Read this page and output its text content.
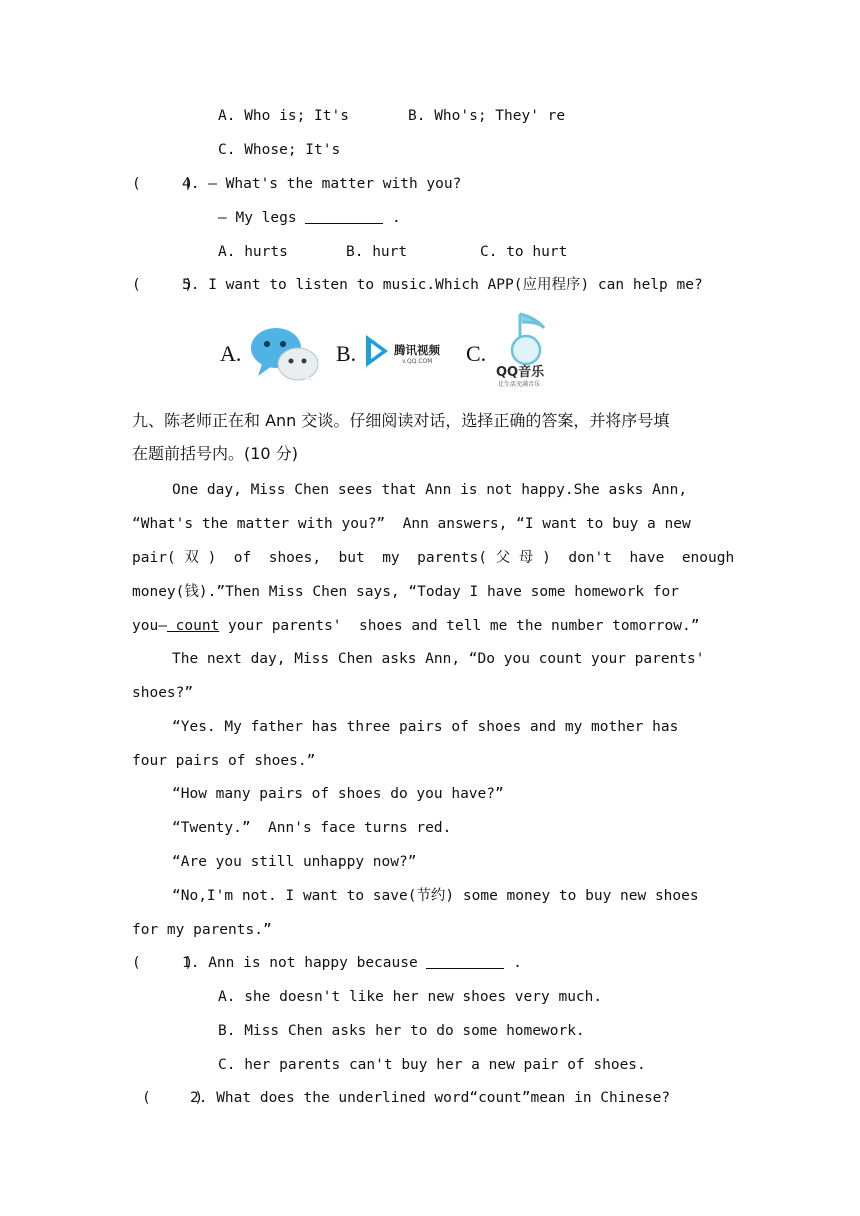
A. Who is; It's	B. Who's; They' re
C. Whose; It's
(     )
4. — What's the matter with you?
— My legs	.
A. hurts	B. hurt	C. to hurt
(     )
5. I want to listen to music.Which APP(应用程序) can help me?
A.	B.	腾讯视频
v.QQ.COM C.
QQ音乐
让生活充满音乐
九、陈老师正在和 Ann 交谈。仔细阅读对话，选择正确的答案，并将序号填
在题前括号内。(10 分)
One day, Miss Chen sees that Ann is not happy.She asks Ann,
“What's the matter with you?”  Ann answers, “I want to buy a new
pair( 双 )  of  shoes,  but  my  parents( 父 母 )  don't  have  enough
money(钱).”Then Miss Chen says, “Today I have some homework for
you— count your parents'  shoes and tell me the number tomorrow.”
The next day, Miss Chen asks Ann, “Do you count your parents'
shoes?”
“Yes. My father has three pairs of shoes and my mother has
four pairs of shoes.”
“How many pairs of shoes do you have?”
“Twenty.”  Ann's face turns red.
“Are you still unhappy now?”
“No,I'm not. I want to save(节约) some money to buy new shoes
for my parents.”
(     )
1. Ann is not happy because	.
A. she doesn't like her new shoes very much.
B. Miss Chen asks her to do some homework.
C. her parents can't buy her a new pair of shoes.
(     )
2. What does the underlined word“count”mean in Chinese?
